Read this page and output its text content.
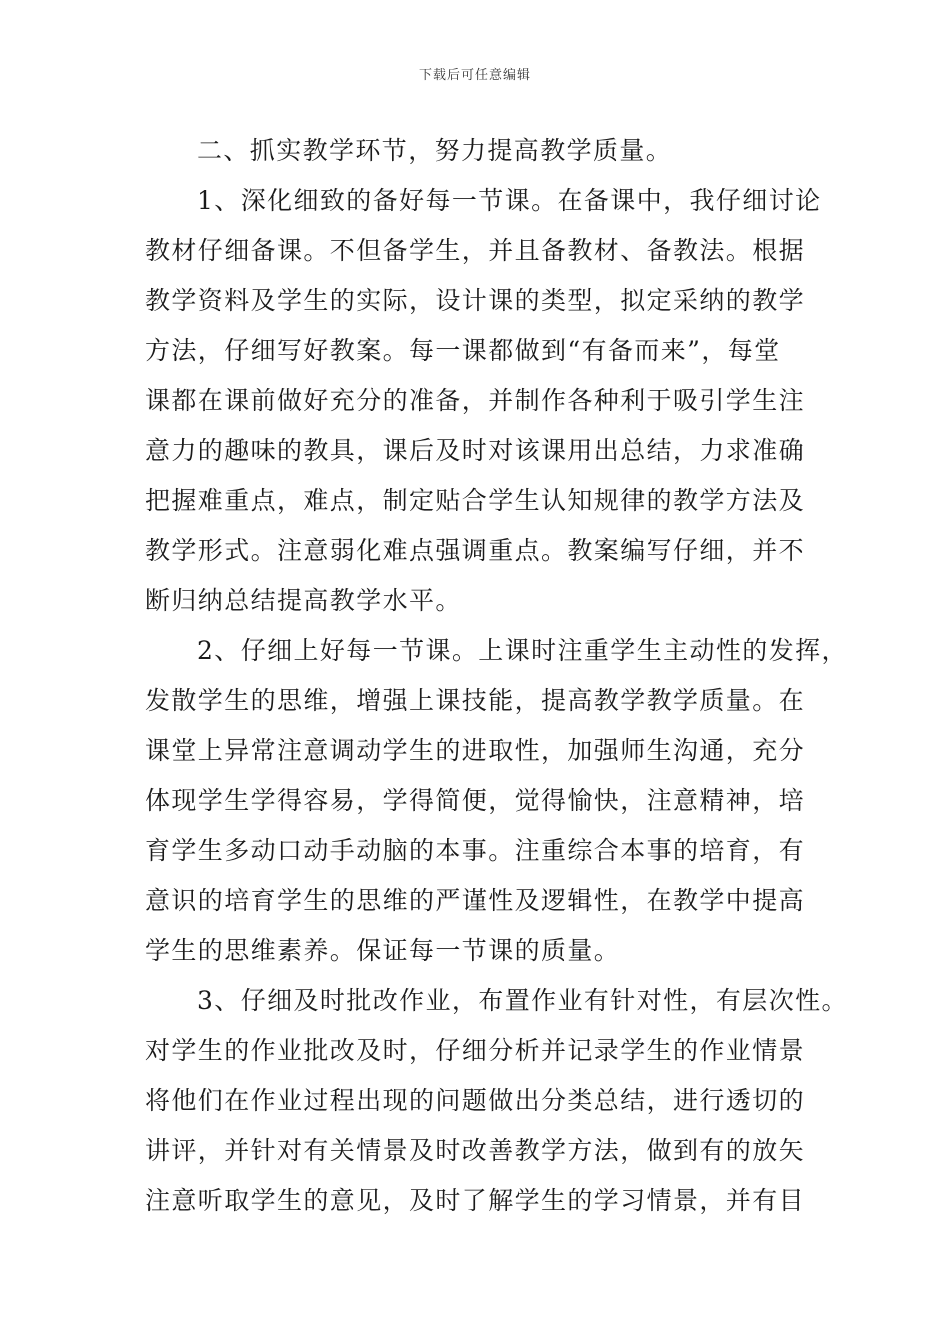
下载后可任意编辑
二、抓实教学环节，努力提高教学质量。
1、深化细致的备好每一节课。在备课中，我仔细讨论
教材仔细备课。不但备学生，并且备教材、备教法。根据
教学资料及学生的实际，设计课的类型，拟定采纳的教学
方法，仔细写好教案。每一课都做到“有备而来”，每堂
课都在课前做好充分的准备，并制作各种利于吸引学生注
意力的趣味的教具，课后及时对该课用出总结，力求准确
把握难重点，难点，制定贴合学生认知规律的教学方法及
教学形式。注意弱化难点强调重点。教案编写仔细，并不
断归纳总结提高教学水平。
2、仔细上好每一节课。上课时注重学生主动性的发挥，
发散学生的思维，增强上课技能，提高教学教学质量。在
课堂上异常注意调动学生的进取性，加强师生沟通，充分
体现学生学得容易，学得简便，觉得愉快，注意精神，培
育学生多动口动手动脑的本事。注重综合本事的培育，有
意识的培育学生的思维的严谨性及逻辑性，在教学中提高
学生的思维素养。保证每一节课的质量。
3、仔细及时批改作业，布置作业有针对性，有层次性。
对学生的作业批改及时，仔细分析并记录学生的作业情景
将他们在作业过程出现的问题做出分类总结，进行透切的
讲评，并针对有关情景及时改善教学方法，做到有的放矢
注意听取学生的意见，及时了解学生的学习情景，并有目
